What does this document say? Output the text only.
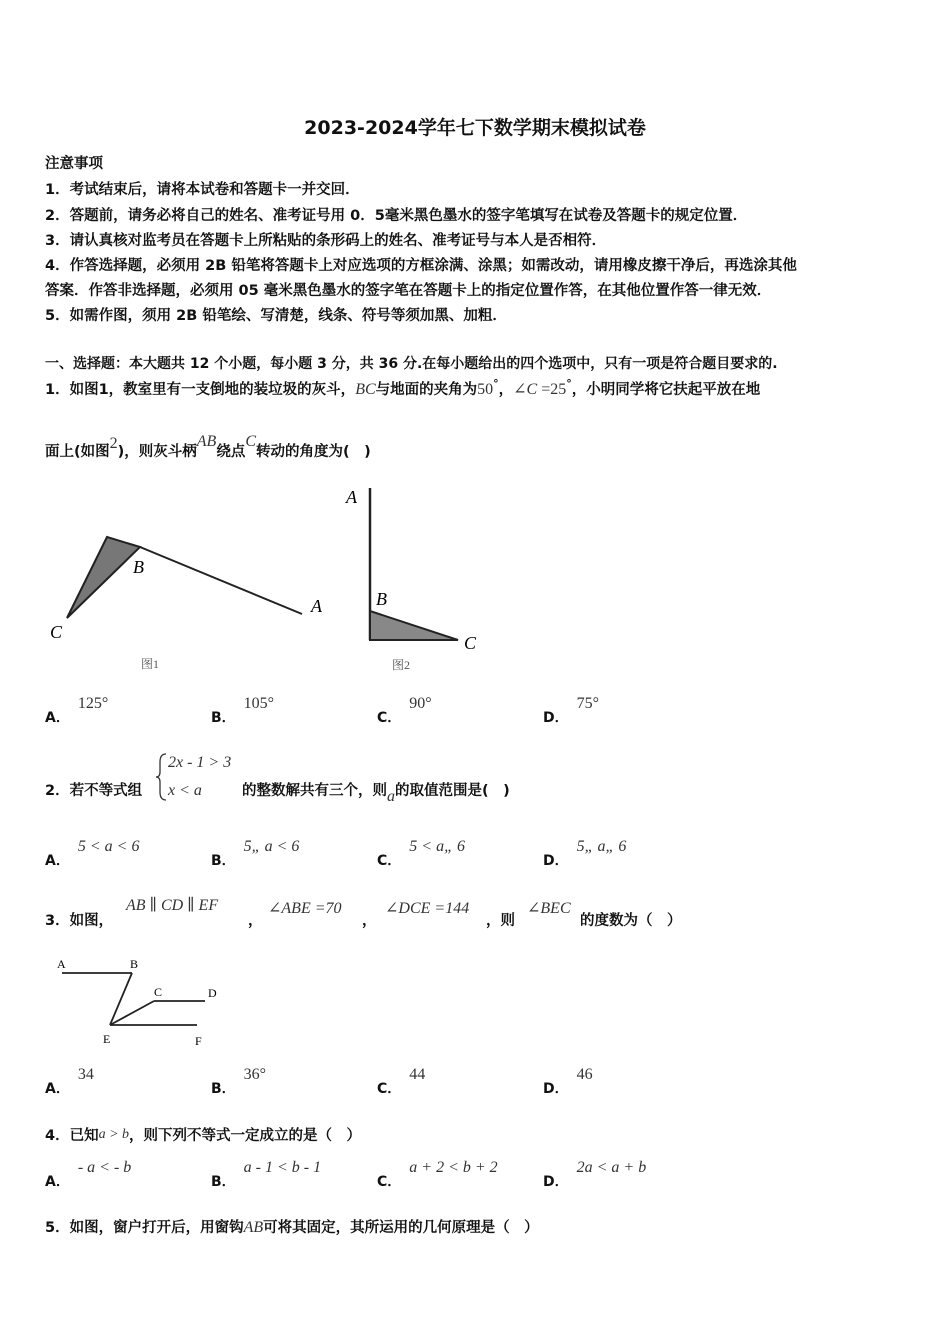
2023-2024学年七下数学期末模拟试卷
注意事项
1．考试结束后，请将本试卷和答题卡一并交回．
2．答题前，请务必将自己的姓名、准考证号用 0．5毫米黑色墨水的签字笔填写在试卷及答题卡的规定位置．
3．请认真核对监考员在答题卡上所粘贴的条形码上的姓名、准考证号与本人是否相符．
4．作答选择题，必须用 2B 铅笔将答题卡上对应选项的方框涂满、涂黑；如需改动，请用橡皮擦干净后，再选涂其他
答案．作答非选择题，必须用 05 毫米黑色墨水的签字笔在答题卡上的指定位置作答，在其他位置作答一律无效．
5．如需作图，须用 2B 铅笔绘、写清楚，线条、符号等须加黑、加粗．
一、选择题：本大题共 12 个小题，每小题 3 分，共 36 分.在每小题给出的四个选项中，只有一项是符合题目要求的.
1．如图1，教室里有一支倒地的装垃圾的灰斗，BC与地面的夹角为50°，∠C =25°，小明同学将它扶起平放在地
面上(如图2)，则灰斗柄AB绕点C转动的角度为(　)
C
B
A
图1
A
B
C
图2
A．125°
B．105°
C．90°
D．75°
2．若不等式组
2x - 1 > 3
x < a	的整数解共有三个，则a的取值范围是(　)
A．5 < a < 6
B．5„ a < 6
C．5 < a„ 6
D．5„ a„ 6
3．如图，
AB ∥ CD ∥ EF
，
∠ABE =70
，
∠DCE =144
，则
∠BEC
的度数为（　）
A	B
C	D
E	F
A．34
B．36°
C．44
D．46
4．已知a > b，则下列不等式一定成立的是（　）
A．- a < - b
B．a - 1 < b - 1
C．a + 2 < b + 2
D．2a < a + b
5．如图，窗户打开后，用窗钩AB可将其固定，其所运用的几何原理是（　）
